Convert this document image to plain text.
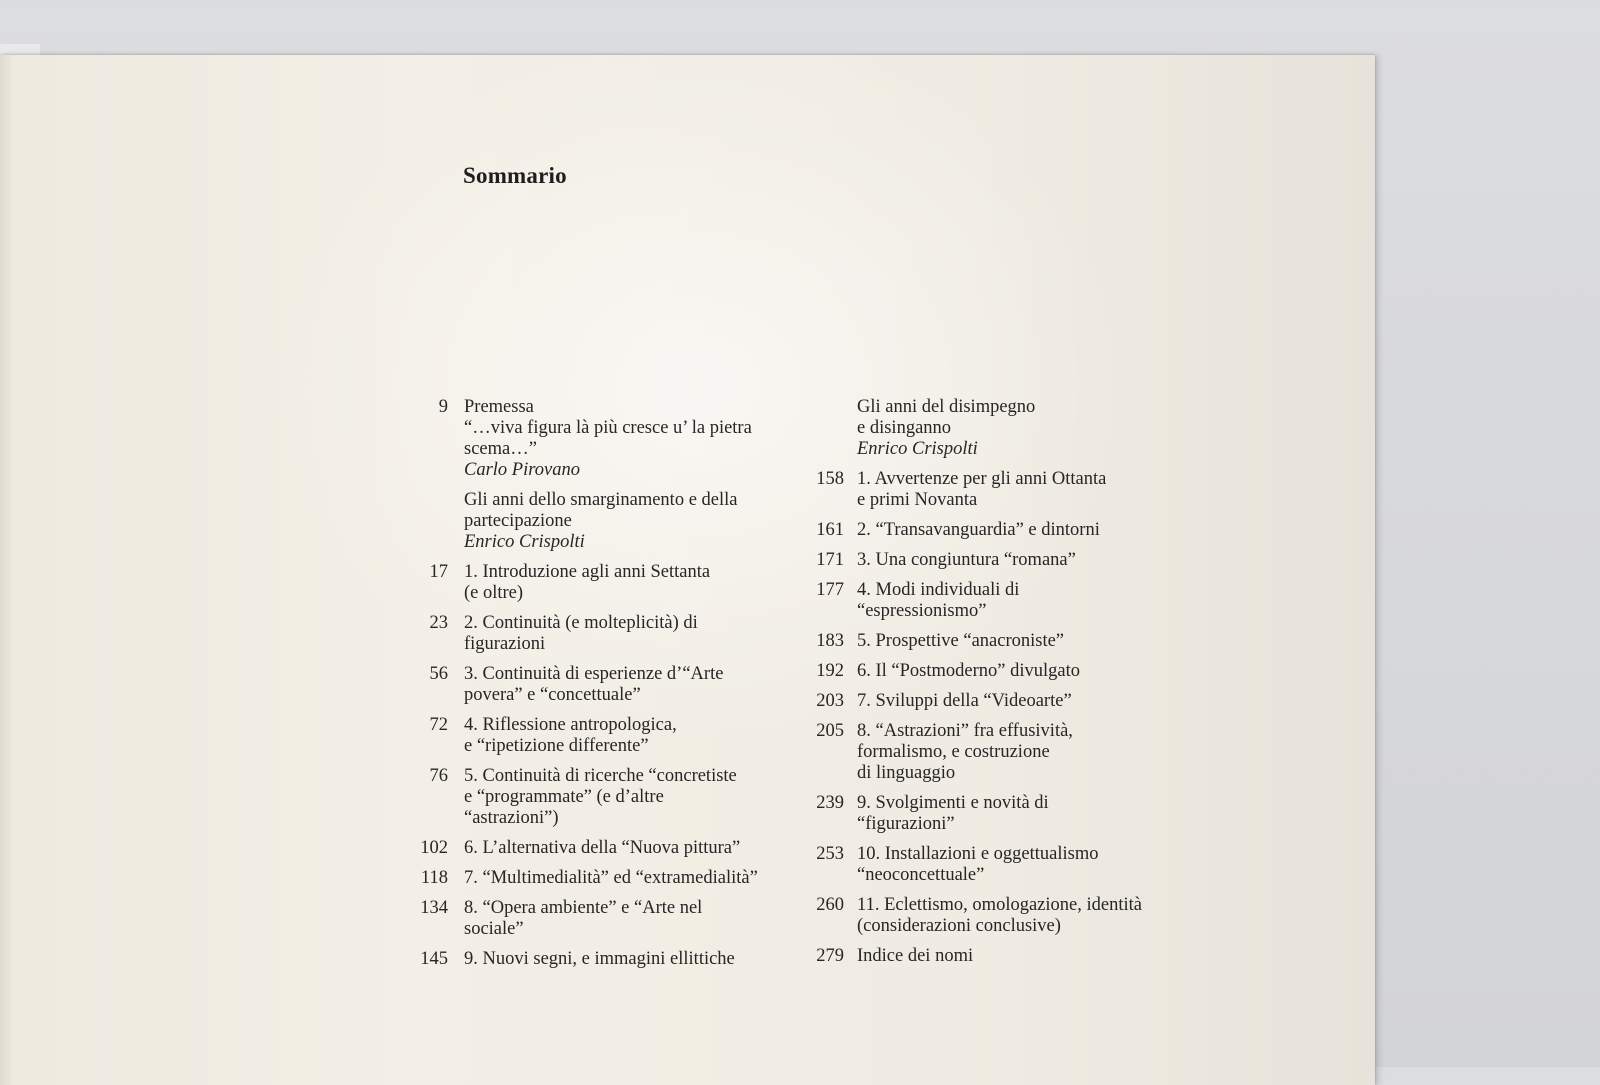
Sommario
9 Premessa
“…viva figura là più cresce u’ la pietra
scema…”
Carlo Pirovano
Gli anni dello smarginamento e della
partecipazione
Enrico Crispolti
17 1. Introduzione agli anni Settanta
(e oltre)
23 2. Continuità (e molteplicità) di
figurazioni
56 3. Continuità di esperienze d’“Arte
povera” e “concettuale”
72 4. Riflessione antropologica,
e “ripetizione differente”
76 5. Continuità di ricerche “concretiste
e “programmate” (e d’altre
“astrazioni”)
102 6. L’alternativa della “Nuova pittura”
118 7. “Multimedialità” ed “extramedialità”
134 8. “Opera ambiente” e “Arte nel
sociale”
145 9. Nuovi segni, e immagini ellittiche
Gli anni del disimpegno
e disinganno
Enrico Crispolti
158 1. Avvertenze per gli anni Ottanta
e primi Novanta
161 2. “Transavanguardia” e dintorni
171 3. Una congiuntura “romana”
177 4. Modi individuali di
“espressionismo”
183 5. Prospettive “anacroniste”
192 6. Il “Postmoderno” divulgato
203 7. Sviluppi della “Videoarte”
205 8. “Astrazioni” fra effusività,
formalismo, e costruzione
di linguaggio
239 9. Svolgimenti e novità di
“figurazioni”
253 10. Installazioni e oggettualismo
“neoconcettuale”
260 11. Eclettismo, omologazione, identità
(considerazioni conclusive)
279 Indice dei nomi
